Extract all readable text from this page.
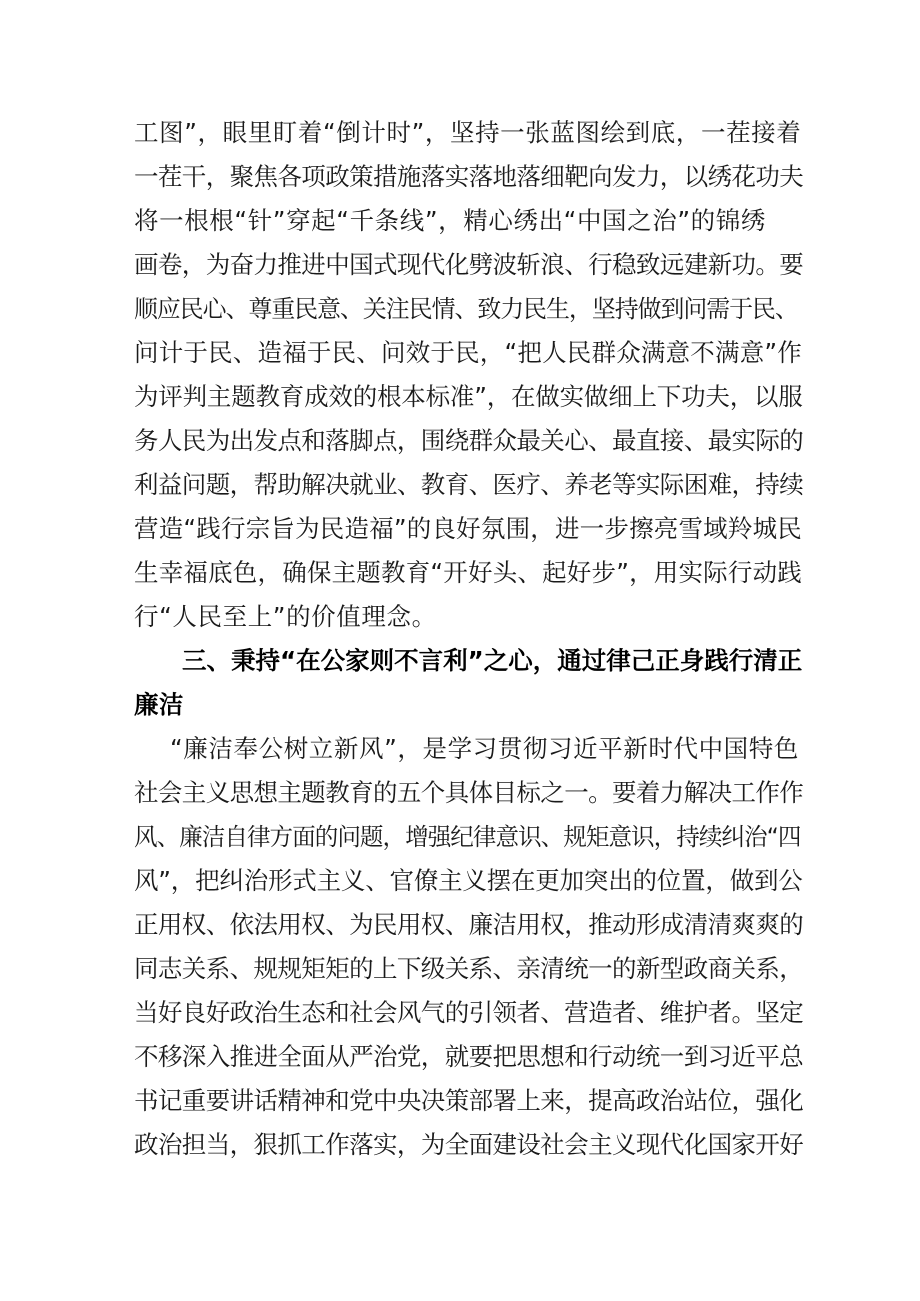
工图”，眼里盯着“倒计时”，坚持一张蓝图绘到底，一茬接着
一茬干，聚焦各项政策措施落实落地落细靶向发力，以绣花功夫
将一根根“针”穿起“千条线”，精心绣出“中国之治”的锦绣
画卷，为奋力推进中国式现代化劈波斩浪、行稳致远建新功。要
顺应民心、尊重民意、关注民情、致力民生，坚持做到问需于民、
问计于民、造福于民、问效于民，“把人民群众满意不满意”作
为评判主题教育成效的根本标准”，在做实做细上下功夫，以服
务人民为出发点和落脚点，围绕群众最关心、最直接、最实际的
利益问题，帮助解决就业、教育、医疗、养老等实际困难，持续
营造“践行宗旨为民造福”的良好氛围，进一步擦亮雪域羚城民
生幸福底色，确保主题教育“开好头、起好步”，用实际行动践
行“人民至上”的价值理念。
三、秉持“在公家则不言利”之心，通过律己正身践行清正
廉洁
“廉洁奉公树立新风”，是学习贯彻习近平新时代中国特色
社会主义思想主题教育的五个具体目标之一。要着力解决工作作
风、廉洁自律方面的问题，增强纪律意识、规矩意识，持续纠治“四
风”，把纠治形式主义、官僚主义摆在更加突出的位置，做到公
正用权、依法用权、为民用权、廉洁用权，推动形成清清爽爽的
同志关系、规规矩矩的上下级关系、亲清统一的新型政商关系，
当好良好政治生态和社会风气的引领者、营造者、维护者。坚定
不移深入推进全面从严治党，就要把思想和行动统一到习近平总
书记重要讲话精神和党中央决策部署上来，提高政治站位，强化
政治担当，狠抓工作落实，为全面建设社会主义现代化国家开好
